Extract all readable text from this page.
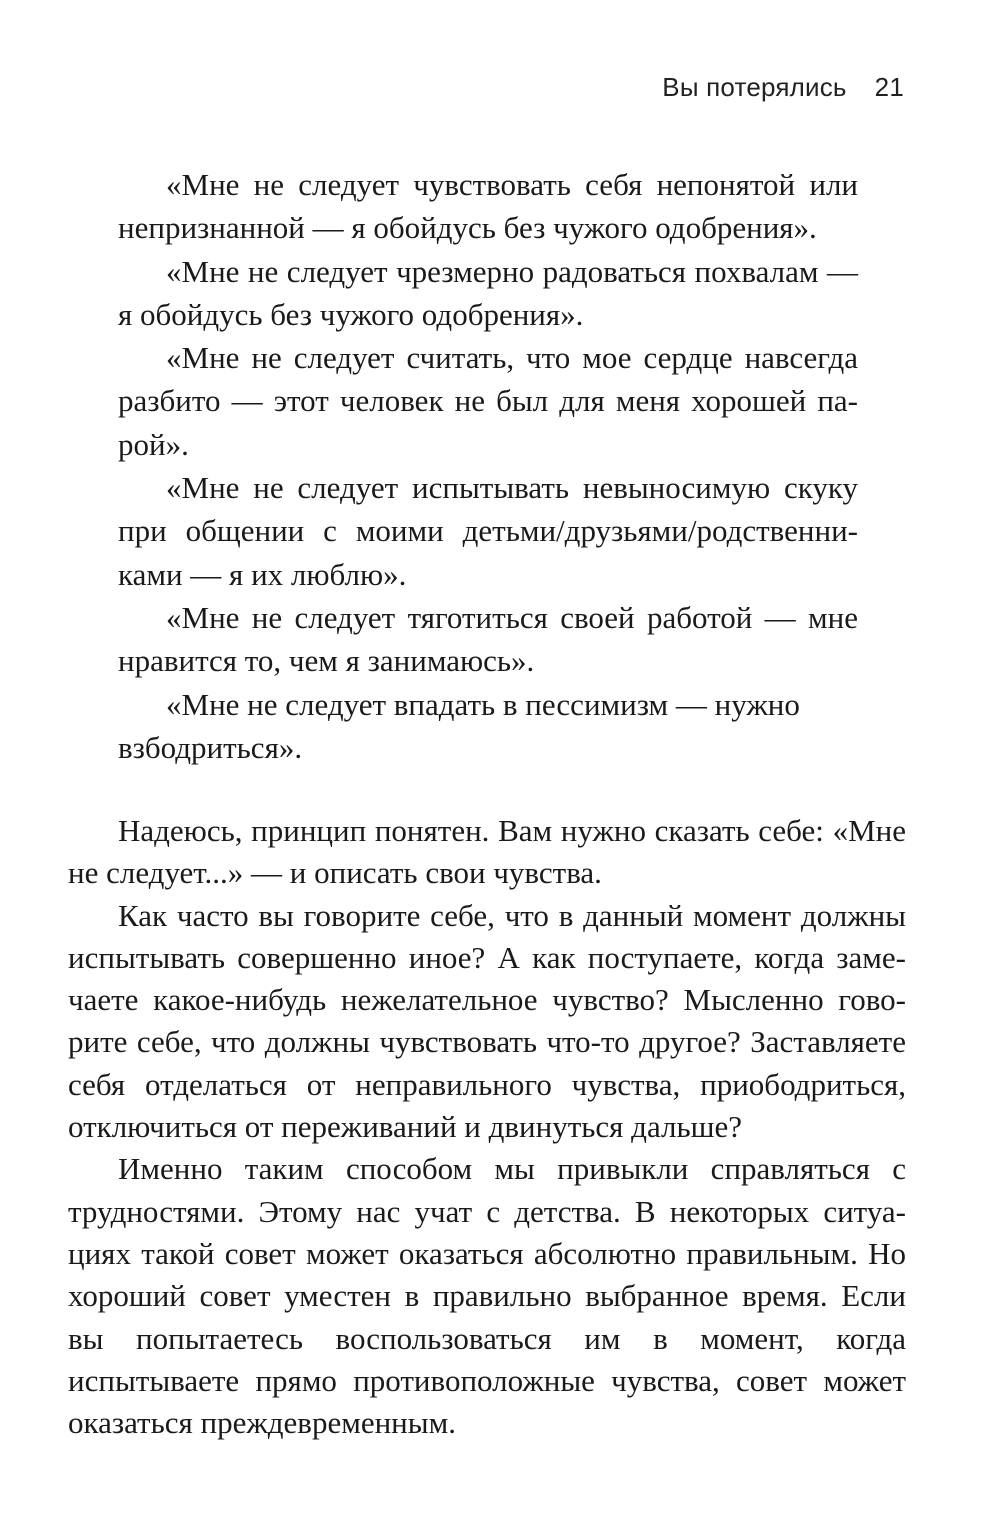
Вы потерялись 21

«Мне не следует чувствовать себя непонятой или непризнанной — я обойдусь без чужого одобрения».

«Мне не следует чрезмерно радоваться похвалам — я обойдусь без чужого одобрения».

«Мне не следует считать, что мое сердце навсегда разбито — этот человек не был для меня хорошей парой».

«Мне не следует испытывать невыносимую скуку при общении с моими детьми/друзьями/родственниками — я их люблю».

«Мне не следует тяготиться своей работой — мне нравится то, чем я занимаюсь».

«Мне не следует впадать в пессимизм — нужно взбодриться».

Надеюсь, принцип понятен. Вам нужно сказать себе: «Мне не следует...» — и описать свои чувства.

Как часто вы говорите себе, что в данный момент должны испытывать совершенно иное? А как поступаете, когда замечаете какое-нибудь нежелательное чувство? Мысленно говорите себе, что должны чувствовать что-то другое? Заставляете себя отделаться от неправильного чувства, приободриться, отключиться от переживаний и двинуться дальше?

Именно таким способом мы привыкли справляться с трудностями. Этому нас учат с детства. В некоторых ситуациях такой совет может оказаться абсолютно правильным. Но хороший совет уместен в правильно выбранное время. Если вы попытаетесь воспользоваться им в момент, когда испытываете прямо противоположные чувства, совет может оказаться преждевременным.
